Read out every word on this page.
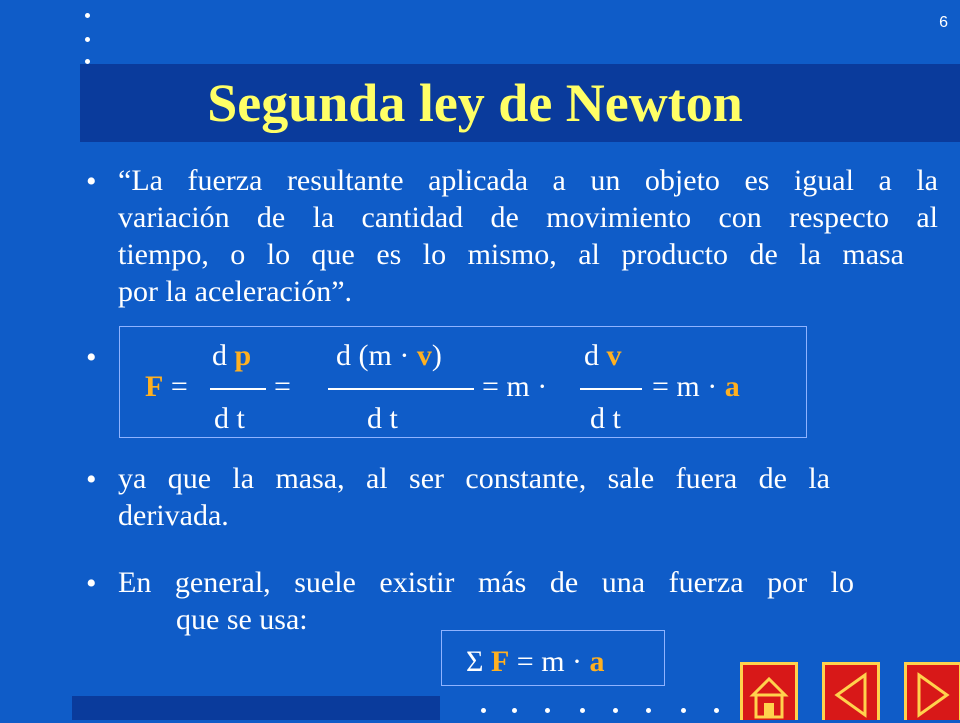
6
Segunda ley de Newton
• “La fuerza resultante aplicada a un objeto es igual a la
variación de la cantidad de movimiento con respecto al
tiempo, o lo que es lo mismo, al producto de la masa
por la aceleración”.
•	d p	d (m · v)	d v
F =	=	= m ·	= m · a
d t	d t	d t
• ya que la masa, al ser constante, sale fuera de la
derivada.
• En general, suele existir más de una fuerza por lo
que se usa:
Σ F = m · a
